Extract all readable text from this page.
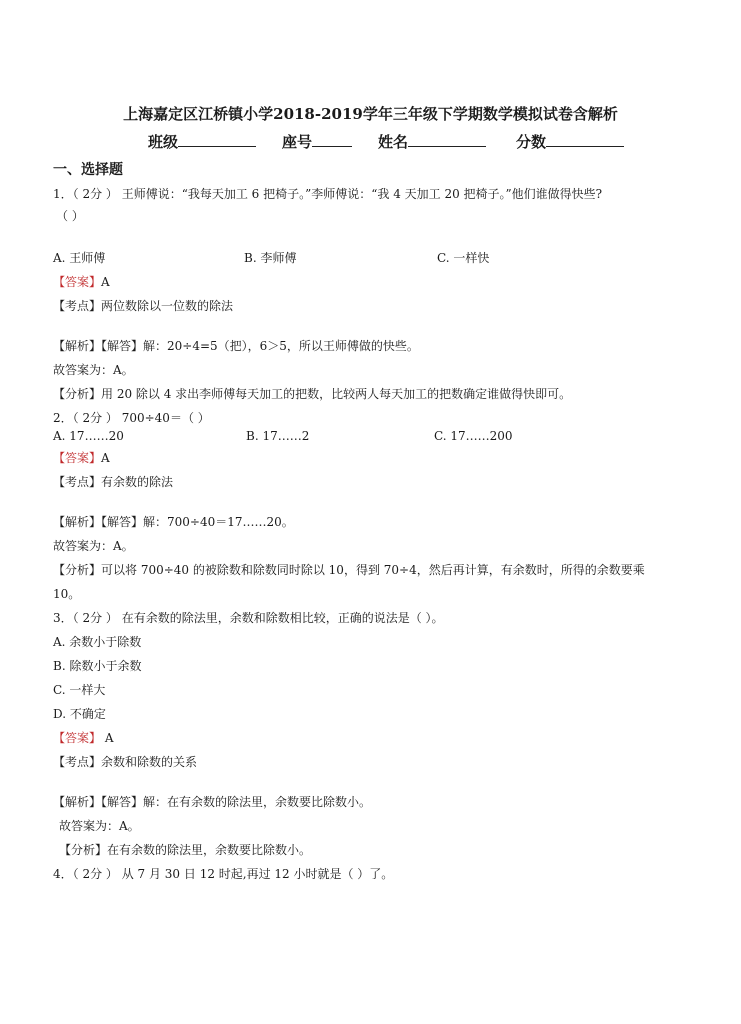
上海嘉定区江桥镇小学2018-2019学年三年级下学期数学模拟试卷含解析
班级	座号	姓名	分数
一、选择题
1．（ 2分 ） 王师傅说：“我每天加工 6 把椅子。”李师傅说：“我 4 天加工 20 把椅子。”他们谁做得快些?
（ ）
A. 王师傅	B. 李师傅	C. 一样快
【答案】A
【考点】两位数除以一位数的除法
【解析】【解答】解：20÷4=5（把），6＞5，所以王师傅做的快些。
故答案为：A。
【分析】用 20 除以 4 求出李师傅每天加工的把数，比较两人每天加工的把数确定谁做得快即可。
2．（ 2分 ） 700÷40＝（ ）
A. 17……20	B. 17……2	C. 17……200
【答案】A
【考点】有余数的除法
【解析】【解答】解：700÷40＝17……20。
故答案为：A。
【分析】可以将 700÷40 的被除数和除数同时除以 10，得到 70÷4，然后再计算，有余数时，所得的余数要乘
10。
3．（ 2分 ） 在有余数的除法里，余数和除数相比较，正确的说法是（ ）。
A. 余数小于除数
B. 除数小于余数
C. 一样大
D. 不确定
【答案】 A
【考点】余数和除数的关系
【解析】【解答】解：在有余数的除法里，余数要比除数小。
故答案为：A。
【分析】在有余数的除法里，余数要比除数小。
4．（ 2分 ） 从 7 月 30 日 12 时起,再过 12 小时就是（ ）了。
